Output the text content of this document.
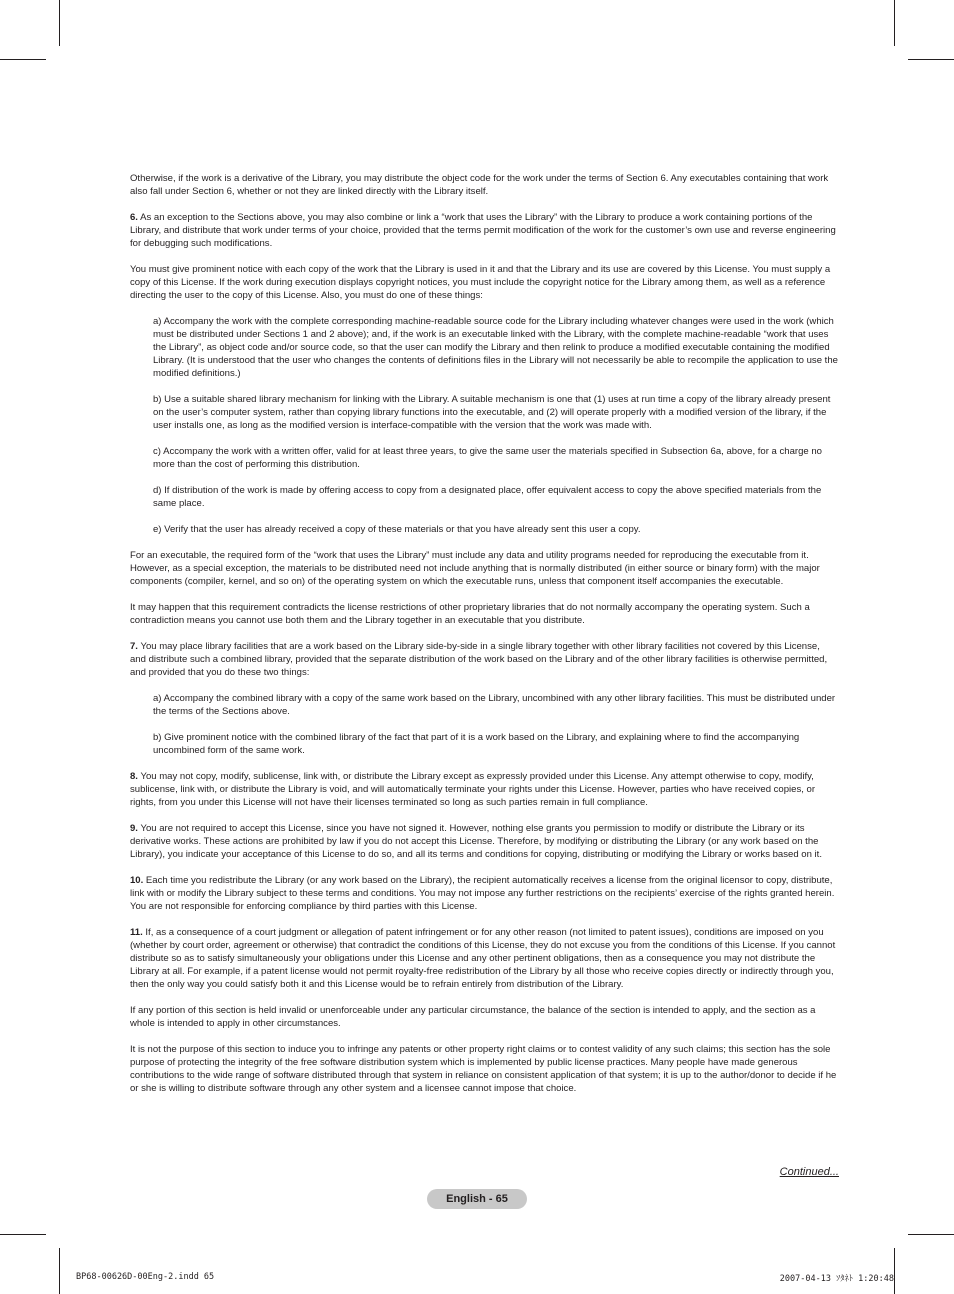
Otherwise, if the work is a derivative of the Library, you may distribute the object code for the work under the terms of Section 6. Any executables containing that work also fall under Section 6, whether or not they are linked directly with the Library itself.

6. As an exception to the Sections above, you may also combine or link a “work that uses the Library” with the Library to produce a work containing portions of the Library, and distribute that work under terms of your choice, provided that the terms permit modification of the work for the customer’s own use and reverse engineering for debugging such modifications.

You must give prominent notice with each copy of the work that the Library is used in it and that the Library and its use are covered by this License. You must supply a copy of this License. If the work during execution displays copyright notices, you must include the copyright notice for the Library among them, as well as a reference directing the user to the copy of this License. Also, you must do one of these things:

a) Accompany the work with the complete corresponding machine-readable source code for the Library including whatever changes were used in the work (which must be distributed under Sections 1 and 2 above); and, if the work is an executable linked with the Library, with the complete machine-readable “work that uses the Library”, as object code and/or source code, so that the user can modify the Library and then relink to produce a modified executable containing the modified Library. (It is understood that the user who changes the contents of definitions files in the Library will not necessarily be able to recompile the application to use the modified definitions.)

b) Use a suitable shared library mechanism for linking with the Library. A suitable mechanism is one that (1) uses at run time a copy of the library already present on the user’s computer system, rather than copying library functions into the executable, and (2) will operate properly with a modified version of the library, if the user installs one, as long as the modified version is interface-compatible with the version that the work was made with.

c) Accompany the work with a written offer, valid for at least three years, to give the same user the materials specified in Subsection 6a, above, for a charge no more than the cost of performing this distribution.

d) If distribution of the work is made by offering access to copy from a designated place, offer equivalent access to copy the above specified materials from the same place.

e) Verify that the user has already received a copy of these materials or that you have already sent this user a copy.

For an executable, the required form of the “work that uses the Library” must include any data and utility programs needed for reproducing the executable from it. However, as a special exception, the materials to be distributed need not include anything that is normally distributed (in either source or binary form) with the major components (compiler, kernel, and so on) of the operating system on which the executable runs, unless that component itself accompanies the executable.

It may happen that this requirement contradicts the license restrictions of other proprietary libraries that do not normally accompany the operating system. Such a contradiction means you cannot use both them and the Library together in an executable that you distribute.

7. You may place library facilities that are a work based on the Library side-by-side in a single library together with other library facilities not covered by this License, and distribute such a combined library, provided that the separate distribution of the work based on the Library and of the other library facilities is otherwise permitted, and provided that you do these two things:

a) Accompany the combined library with a copy of the same work based on the Library, uncombined with any other library facilities. This must be distributed under the terms of the Sections above.

b) Give prominent notice with the combined library of the fact that part of it is a work based on the Library, and explaining where to find the accompanying uncombined form of the same work.

8. You may not copy, modify, sublicense, link with, or distribute the Library except as expressly provided under this License. Any attempt otherwise to copy, modify, sublicense, link with, or distribute the Library is void, and will automatically terminate your rights under this License. However, parties who have received copies, or rights, from you under this License will not have their licenses terminated so long as such parties remain in full compliance.

9. You are not required to accept this License, since you have not signed it. However, nothing else grants you permission to modify or distribute the Library or its derivative works. These actions are prohibited by law if you do not accept this License. Therefore, by modifying or distributing the Library (or any work based on the Library), you indicate your acceptance of this License to do so, and all its terms and conditions for copying, distributing or modifying the Library or works based on it.

10. Each time you redistribute the Library (or any work based on the Library), the recipient automatically receives a license from the original licensor to copy, distribute, link with or modify the Library subject to these terms and conditions. You may not impose any further restrictions on the recipients’ exercise of the rights granted herein. You are not responsible for enforcing compliance by third parties with this License.

11. If, as a consequence of a court judgment or allegation of patent infringement or for any other reason (not limited to patent issues), conditions are imposed on you (whether by court order, agreement or otherwise) that contradict the conditions of this License, they do not excuse you from the conditions of this License. If you cannot distribute so as to satisfy simultaneously your obligations under this License and any other pertinent obligations, then as a consequence you may not distribute the Library at all. For example, if a patent license would not permit royalty-free redistribution of the Library by all those who receive copies directly or indirectly through you, then the only way you could satisfy both it and this License would be to refrain entirely from distribution of the Library.

If any portion of this section is held invalid or unenforceable under any particular circumstance, the balance of the section is intended to apply, and the section as a whole is intended to apply in other circumstances.

It is not the purpose of this section to induce you to infringe any patents or other property right claims or to contest validity of any such claims; this section has the sole purpose of protecting the integrity of the free software distribution system which is implemented by public license practices. Many people have made generous contributions to the wide range of software distributed through that system in reliance on consistent application of that system; it is up to the author/donor to decide if he or she is willing to distribute software through any other system and a licensee cannot impose that choice.

Continued...
English - 65
BP68-00626D-00Eng-2.indd 65	2007-04-13 ｿﾀﾈﾄ 1:20:48
